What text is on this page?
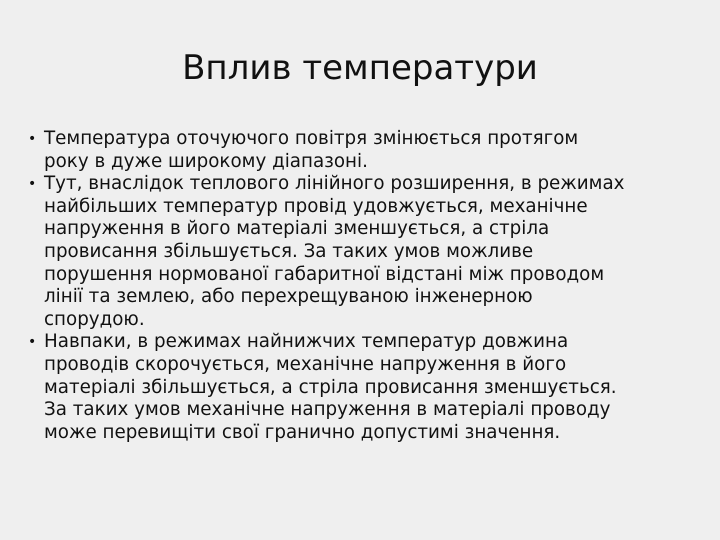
Вплив температури

• Температура оточуючого повітря змінюється протягом
року в дуже широкому діапазоні.

• Тут, внаслідок теплового лінійного розширення, в режимах
найбільших температур провід удовжується, механічне
напруження в його матеріалі зменшується, а стріла
провисання збільшується. За таких умов можливе
порушення нормованої габаритної відстані між проводом
лінії та землею, або перехрещуваною інженерною
спорудою.

• Навпаки, в режимах найнижчих температур довжина
проводів скорочується, механічне напруження в його
матеріалі збільшується, а стріла провисання зменшується.
За таких умов механічне напруження в матеріалі проводу
може перевищіти свої гранично допустимі значення.
